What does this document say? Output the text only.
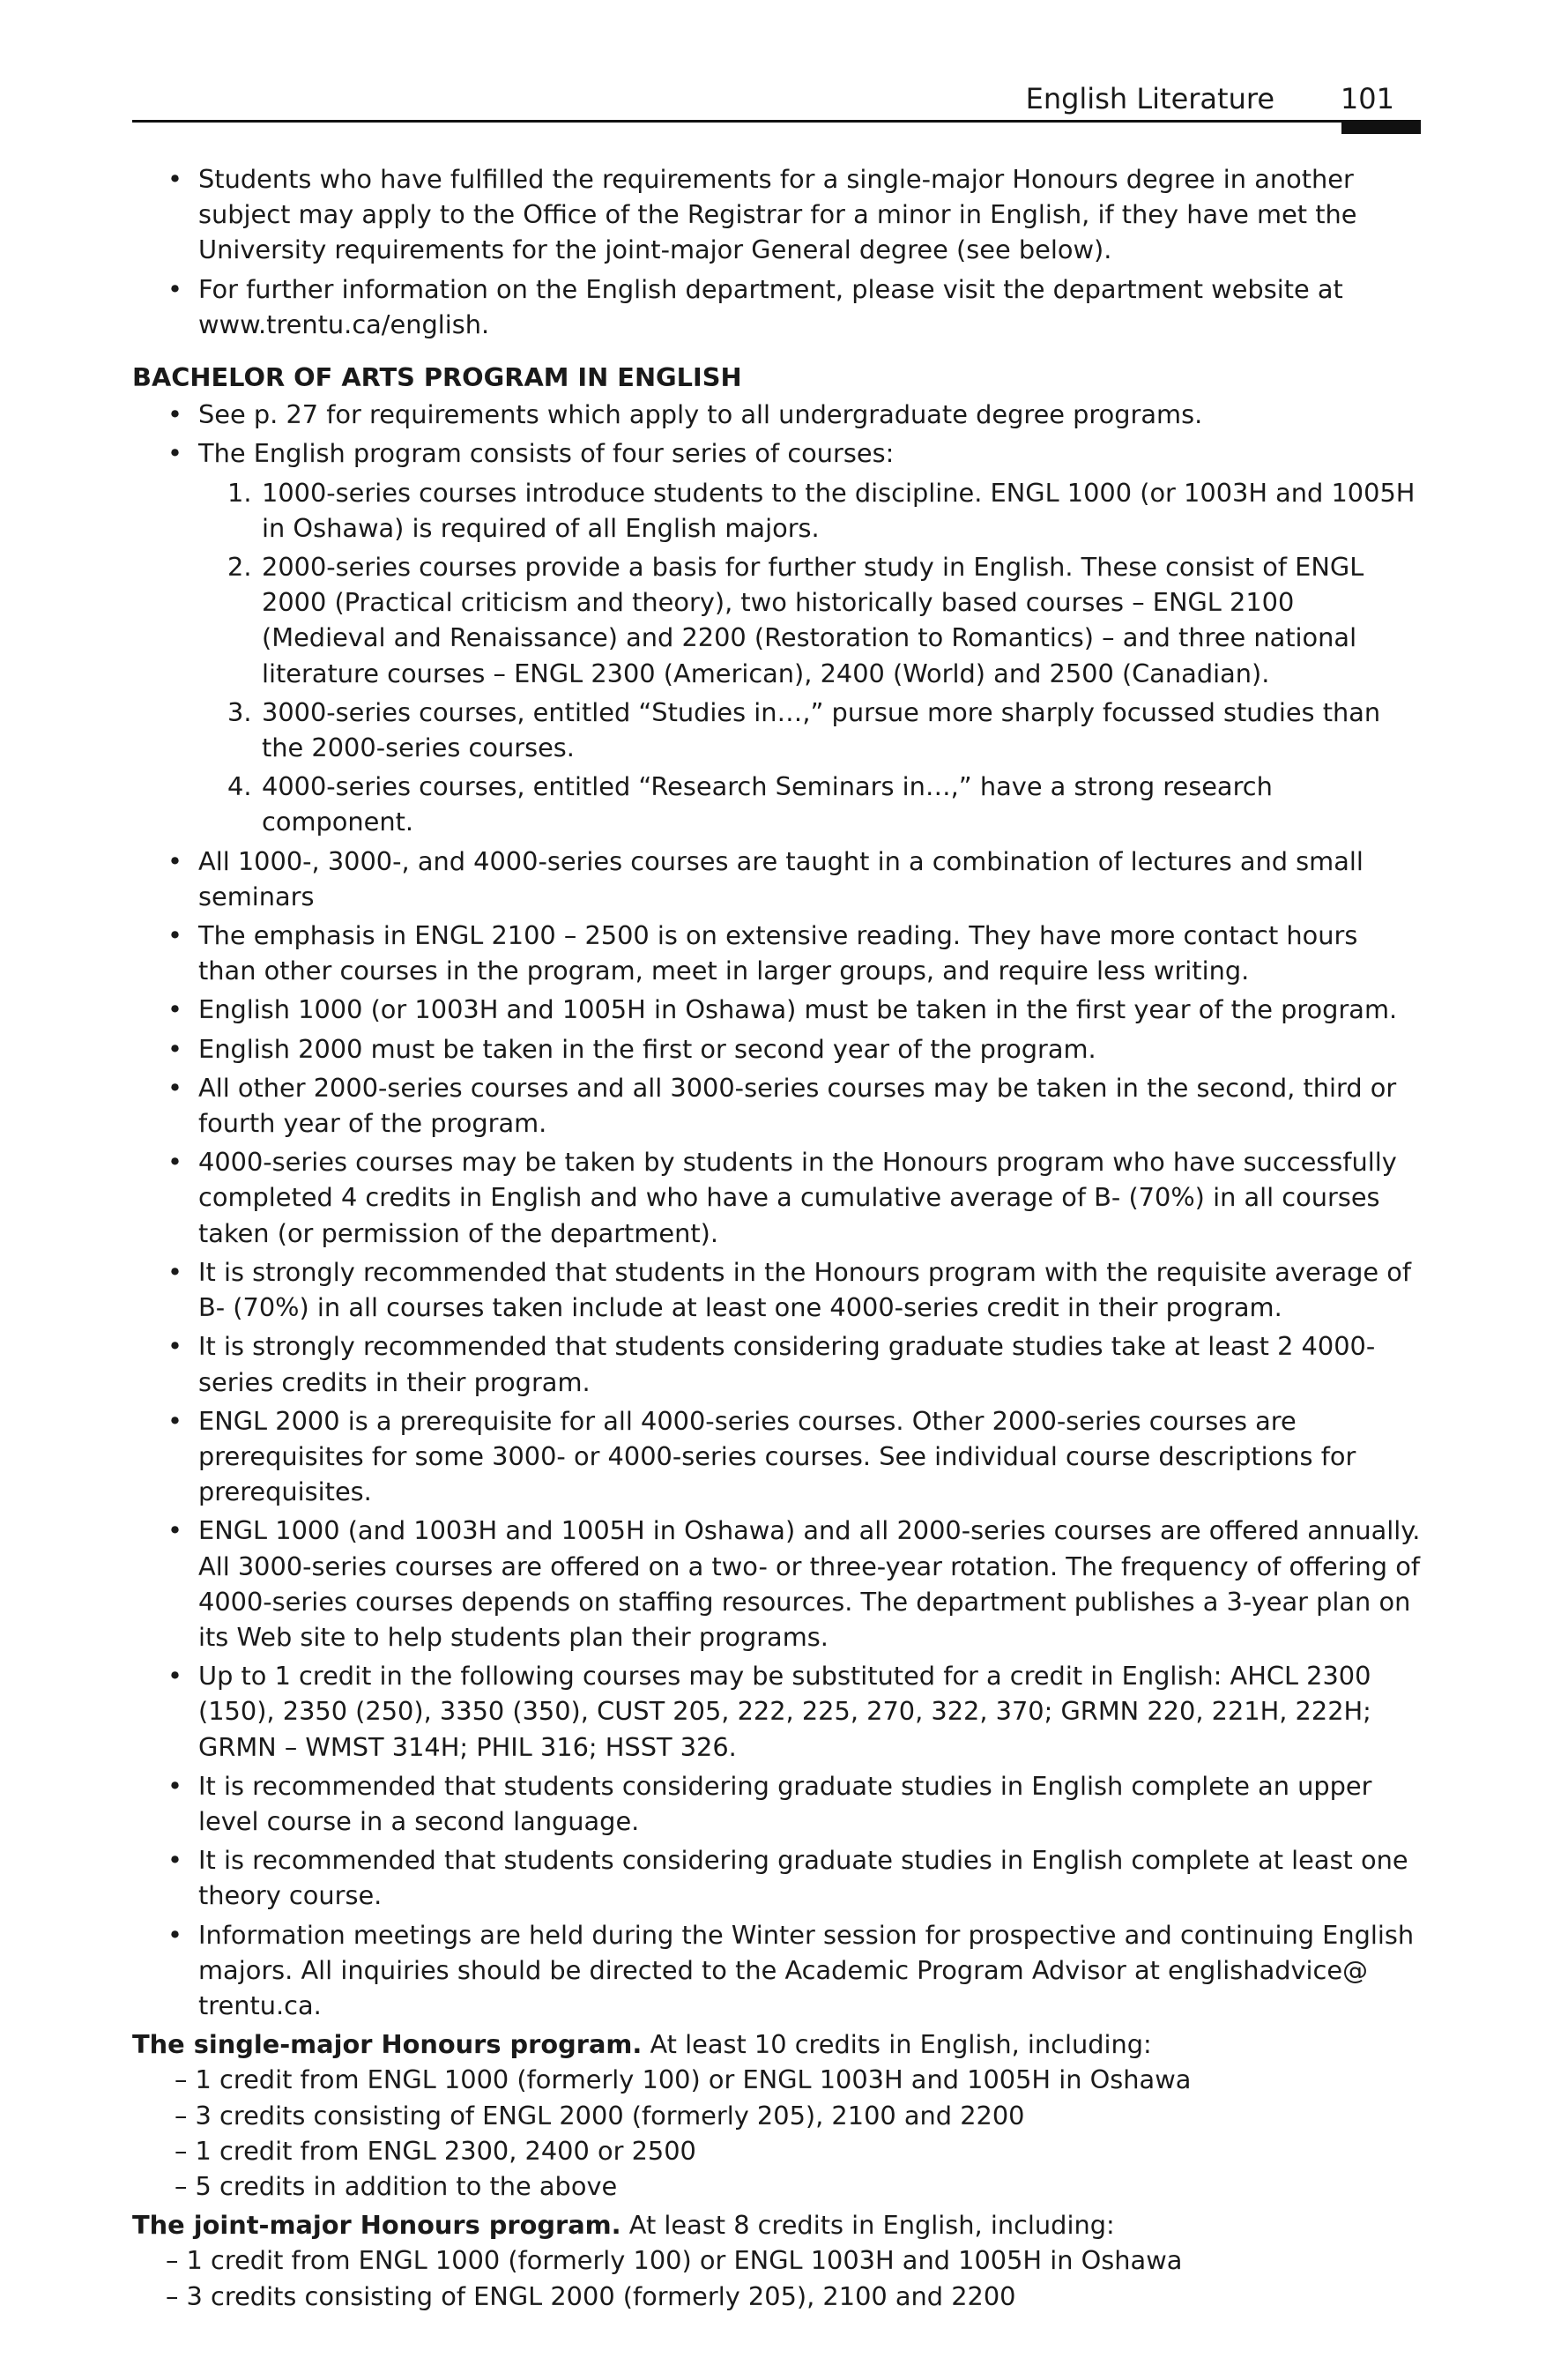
English Literature 101
• Students who have fulfilled the requirements for a single-major Honours degree in another subject may apply to the Office of the Registrar for a minor in English, if they have met the University requirements for the joint-major General degree (see below).
• For further information on the English department, please visit the department website at www.trentu.ca/english.
BACHELOR OF ARTS PROGRAM IN ENGLISH
• See p. 27 for requirements which apply to all undergraduate degree programs.
• The English program consists of four series of courses:
1. 1000-series courses introduce students to the discipline. ENGL 1000 (or 1003H and 1005H in Oshawa) is required of all English majors.
2. 2000-series courses provide a basis for further study in English. These consist of ENGL 2000 (Practical criticism and theory), two historically based courses – ENGL 2100 (Medieval and Renaissance) and 2200 (Restoration to Romantics) – and three national literature courses – ENGL 2300 (American), 2400 (World) and 2500 (Canadian).
3. 3000-series courses, entitled “Studies in…,” pursue more sharply focussed studies than the 2000-series courses.
4. 4000-series courses, entitled “Research Seminars in…,” have a strong research component.
• All 1000-, 3000-, and 4000-series courses are taught in a combination of lectures and small seminars
• The emphasis in ENGL 2100 – 2500 is on extensive reading. They have more contact hours than other courses in the program, meet in larger groups, and require less writing.
• English 1000 (or 1003H and 1005H in Oshawa) must be taken in the first year of the program.
• English 2000 must be taken in the first or second year of the program.
• All other 2000-series courses and all 3000-series courses may be taken in the second, third or fourth year of the program.
• 4000-series courses may be taken by students in the Honours program who have successfully completed 4 credits in English and who have a cumulative average of B- (70%) in all courses taken (or permission of the department).
• It is strongly recommended that students in the Honours program with the requisite average of B- (70%) in all courses taken include at least one 4000-series credit in their program.
• It is strongly recommended that students considering graduate studies take at least 2 4000-series credits in their program.
• ENGL 2000 is a prerequisite for all 4000-series courses. Other 2000-series courses are prerequisites for some 3000- or 4000-series courses. See individual course descriptions for prerequisites.
• ENGL 1000 (and 1003H and 1005H in Oshawa) and all 2000-series courses are offered annually. All 3000-series courses are offered on a two- or three-year rotation. The frequency of offering of 4000-series courses depends on staffing resources. The department publishes a 3-year plan on its Web site to help students plan their programs.
• Up to 1 credit in the following courses may be substituted for a credit in English: AHCL 2300 (150), 2350 (250), 3350 (350), CUST 205, 222, 225, 270, 322, 370; GRMN 220, 221H, 222H; GRMN – WMST 314H; PHIL 316; HSST 326.
• It is recommended that students considering graduate studies in English complete an upper level course in a second language.
• It is recommended that students considering graduate studies in English complete at least one theory course.
• Information meetings are held during the Winter session for prospective and continuing English majors. All inquiries should be directed to the Academic Program Advisor at englishadvice@ trentu.ca.
The single-major Honours program. At least 10 credits in English, including:
– 1 credit from ENGL 1000 (formerly 100) or ENGL 1003H and 1005H in Oshawa
– 3 credits consisting of ENGL 2000 (formerly 205), 2100 and 2200
– 1 credit from ENGL 2300, 2400 or 2500
– 5 credits in addition to the above
The joint-major Honours program. At least 8 credits in English, including:
– 1 credit from ENGL 1000 (formerly 100) or ENGL 1003H and 1005H in Oshawa
– 3 credits consisting of ENGL 2000 (formerly 205), 2100 and 2200
